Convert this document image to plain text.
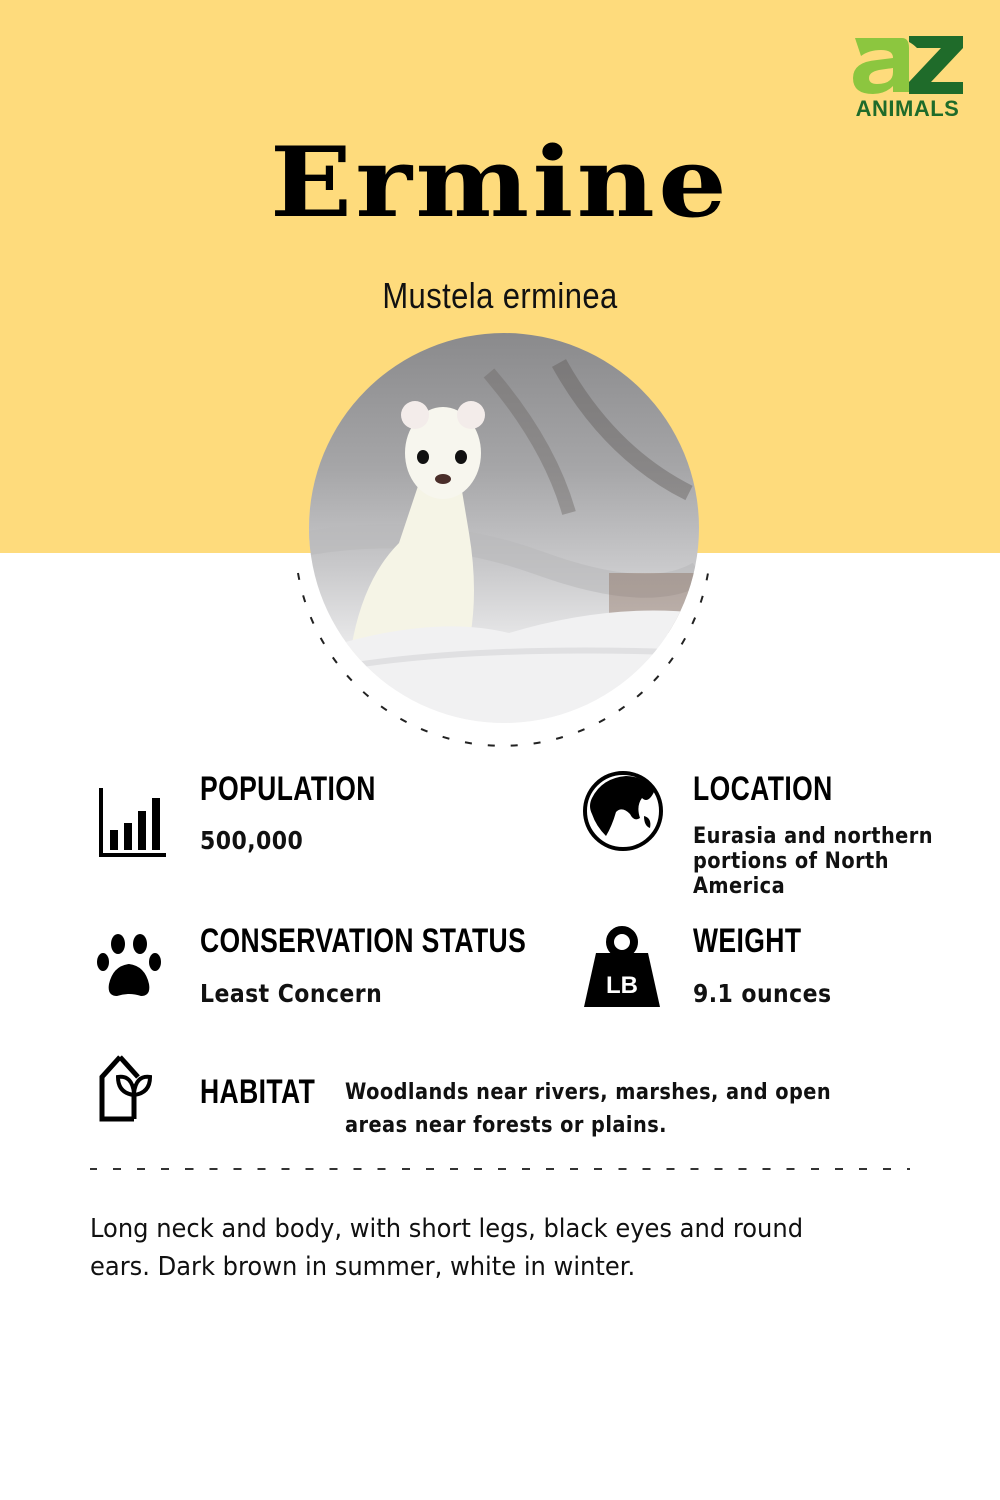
ANIMALS
Ermine
Mustela erminea
POPULATION
500,000
LOCATION
Eurasia and northern
portions of North
America
CONSERVATION STATUS
Least Concern	LB
WEIGHT
9.1 ounces
HABITAT Woodlands near rivers, marshes, and open
areas near forests or plains.
Long neck and body, with short legs, black eyes and round
ears. Dark brown in summer, white in winter.
